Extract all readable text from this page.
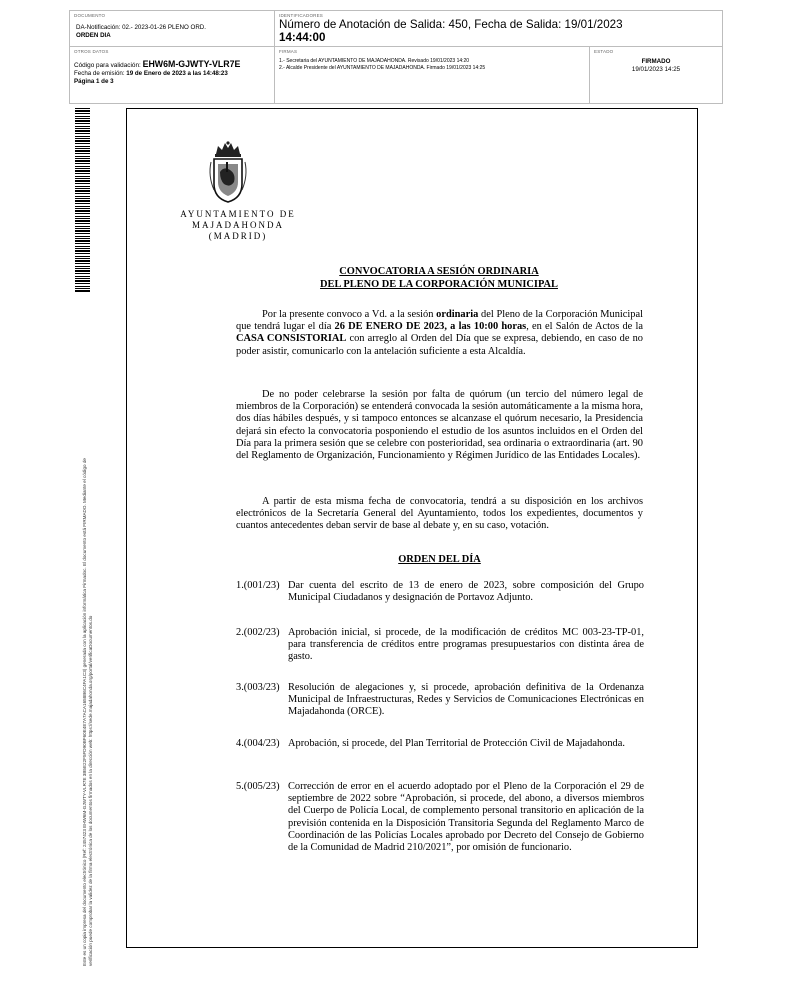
DOCUMENTO
DA-Notificación: 02.- 2023-01-26 PLENO ORD.
ORDEN DIA
IDENTIFICADORES
Número de Anotación de Salida: 450, Fecha de Salida: 19/01/2023
14:44:00
OTROS DATOS
Código para validación: EHW6M-GJWTY-VLR7E
Fecha de emisión: 19 de Enero de 2023 a las 14:48:23
Página 1 de 3
FIRMAS
1.- Secretaria del AYUNTAMIENTO DE MAJADAHONDA. Revisado 19/01/2023 14:20
2.- Alcalde Presidente del AYUNTAMIENTO DE MAJADAHONDA. Firmado 19/01/2023 14:25
ESTADO
FIRMADO
19/01/2023 14:25
Este es un copia impresa del documento electrónico (Ref: 2457423 EHW6M-GJWTY-VLR7E 3B5E22F5FD90BF60E4E7A7ACA1658B6C4FA1C3) generada con la aplicación informática Firmadoc. El documento está FIRMADO. Mediante el código de verificación puede comprobar la validez de la firma electrónica de los documentos firmados en la dirección web: https://sede.majadahonda.org/portal/verificaDocumentos.do
AYUNTAMIENTO DE
MAJADAHONDA
(MADRID)
CONVOCATORIA A SESIÓN ORDINARIA
DEL PLENO DE LA CORPORACIÓN MUNICIPAL
Por la presente convoco a Vd. a la sesión ordinaria del Pleno de la Corporación Municipal que tendrá lugar el día 26 DE ENERO DE 2023, a las 10:00 horas, en el Salón de Actos de la CASA CONSISTORIAL con arreglo al Orden del Día que se expresa, debiendo, en caso de no poder asistir, comunicarlo con la antelación suficiente a esta Alcaldía.
De no poder celebrarse la sesión por falta de quórum (un tercio del número legal de miembros de la Corporación) se entenderá convocada la sesión automáticamente a la misma hora, dos días hábiles después, y si tampoco entonces se alcanzase el quórum necesario, la Presidencia dejará sin efecto la convocatoria posponiendo el estudio de los asuntos incluidos en el Orden del Día para la primera sesión que se celebre con posterioridad, sea ordinaria o extraordinaria (art. 90 del Reglamento de Organización, Funcionamiento y Régimen Jurídico de las Entidades Locales).
A partir de esta misma fecha de convocatoria, tendrá a su disposición en los archivos electrónicos de la Secretaría General del Ayuntamiento, todos los expedientes, documentos y cuantos antecedentes deban servir de base al debate y, en su caso, votación.
ORDEN DEL DÍA
1.(001/23) Dar cuenta del escrito de 13 de enero de 2023, sobre composición del Grupo Municipal Ciudadanos y designación de Portavoz Adjunto.
2.(002/23) Aprobación inicial, si procede, de la modificación de créditos MC 003-23-TP-01, para transferencia de créditos entre programas presupuestarios con distinta área de gasto.
3.(003/23) Resolución de alegaciones y, si procede, aprobación definitiva de la Ordenanza Municipal de Infraestructuras, Redes y Servicios de Comunicaciones Electrónicas en Majadahonda (ORCE).
4.(004/23) Aprobación, si procede, del Plan Territorial de Protección Civil de Majadahonda.
5.(005/23) Corrección de error en el acuerdo adoptado por el Pleno de la Corporación el 29 de septiembre de 2022 sobre “Aprobación, si procede, del abono, a diversos miembros del Cuerpo de Policía Local, de complemento personal transitorio en aplicación de la previsión contenida en la Disposición Transitoria Segunda del Reglamento Marco de Coordinación de las Policías Locales aprobado por Decreto del Consejo de Gobierno de la Comunidad de Madrid 210/2021”, por omisión de funcionario.
